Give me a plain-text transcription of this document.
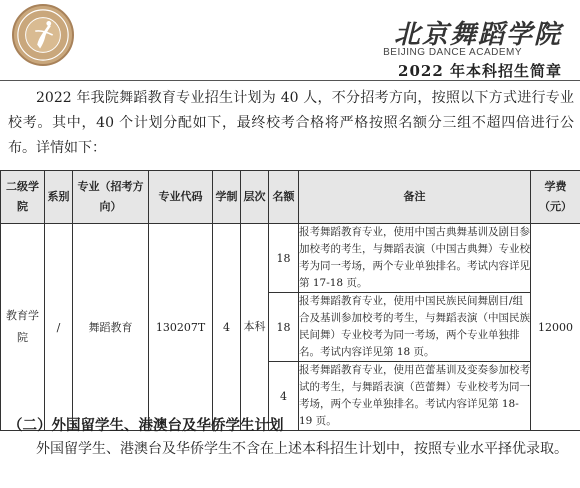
北京舞蹈学院
BEIJING DANCE ACADEMY
2022 年本科招生简章

2022 年我院舞蹈教育专业招生计划为 40 人，不分招考方向，按照以下方式进行专业校考。其中，40 个计划分配如下，最终校考合格将严格按照名额分三组不超四倍进行公布。详情如下：

二级学院	系别	专业（招考方向）	专业代码	学制	层次	名额	备注	学费（元）
教育学院	/	舞蹈教育	130207T	4	本科	18	报考舞蹈教育专业，使用中国古典舞基训及剧目参加校考的考生，与舞蹈表演（中国古典舞）专业校考为同一考场，两个专业单独排名。考试内容详见第 17-18 页。	12000
						18	报考舞蹈教育专业，使用中国民族民间舞剧目/组合及基训参加校考的考生，与舞蹈表演（中国民族民间舞）专业校考为同一考场，两个专业单独排名。考试内容详见第 18 页。	
						4	报考舞蹈教育专业，使用芭蕾基训及变奏参加校考试的考生，与舞蹈表演（芭蕾舞）专业校考为同一考场，两个专业单独排名。考试内容详见第 18-19 页。	
（二）外国留学生、港澳台及华侨学生计划

外国留学生、港澳台及华侨学生不含在上述本科招生计划中，按照专业水平择优录取。
